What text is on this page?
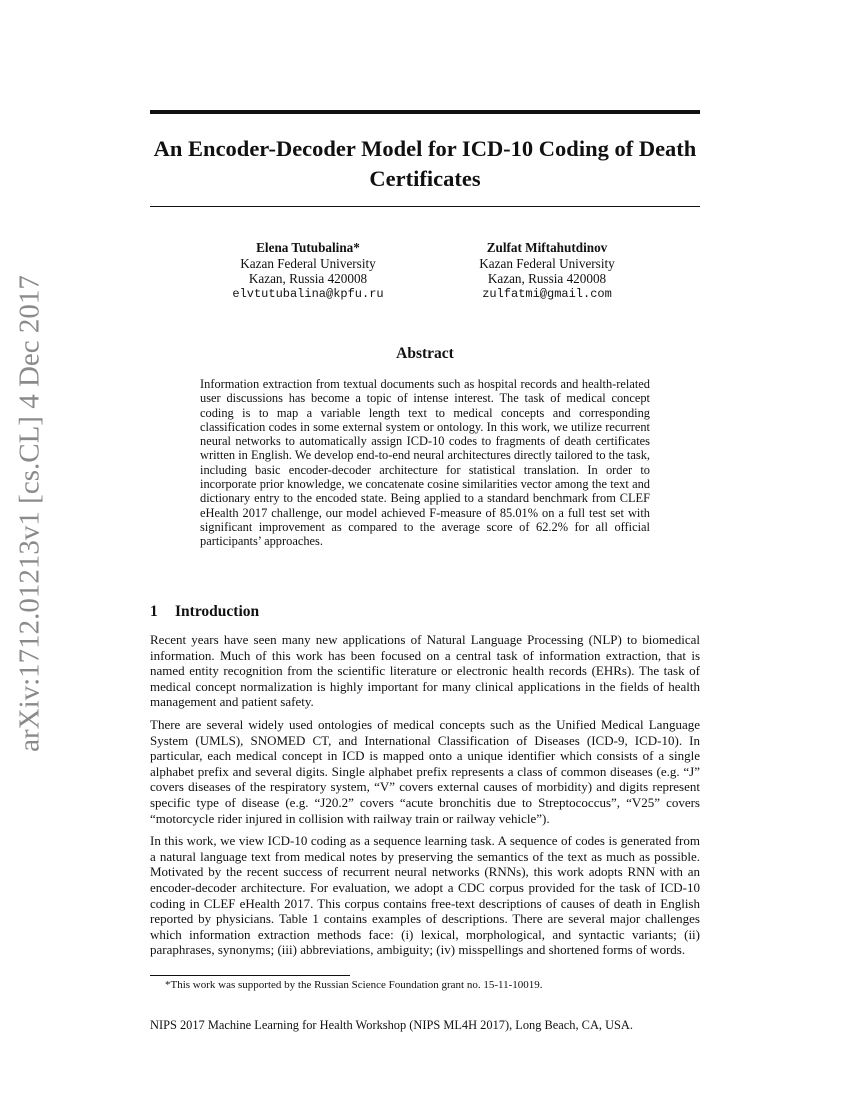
arXiv:1712.01213v1 [cs.CL] 4 Dec 2017
An Encoder-Decoder Model for ICD-10 Coding of Death Certificates
Elena Tutubalina*
Kazan Federal University
Kazan, Russia 420008
elvtutubalina@kpfu.ru
Zulfat Miftahutdinov
Kazan Federal University
Kazan, Russia 420008
zulfatmi@gmail.com
Abstract
Information extraction from textual documents such as hospital records and health-related user discussions has become a topic of intense interest. The task of medical concept coding is to map a variable length text to medical concepts and corresponding classification codes in some external system or ontology. In this work, we utilize recurrent neural networks to automatically assign ICD-10 codes to fragments of death certificates written in English. We develop end-to-end neural architectures directly tailored to the task, including basic encoder-decoder architecture for statistical translation. In order to incorporate prior knowledge, we concatenate cosine similarities vector among the text and dictionary entry to the encoded state. Being applied to a standard benchmark from CLEF eHealth 2017 challenge, our model achieved F-measure of 85.01% on a full test set with significant improvement as compared to the average score of 62.2% for all official participants’ approaches.
1 Introduction

Recent years have seen many new applications of Natural Language Processing (NLP) to biomedical information. Much of this work has been focused on a central task of information extraction, that is named entity recognition from the scientific literature or electronic health records (EHRs). The task of medical concept normalization is highly important for many clinical applications in the fields of health management and patient safety.

There are several widely used ontologies of medical concepts such as the Unified Medical Language System (UMLS), SNOMED CT, and International Classification of Diseases (ICD-9, ICD-10). In particular, each medical concept in ICD is mapped onto a unique identifier which consists of a single alphabet prefix and several digits. Single alphabet prefix represents a class of common diseases (e.g. “J” covers diseases of the respiratory system, “V” covers external causes of morbidity) and digits represent specific type of disease (e.g. “J20.2” covers “acute bronchitis due to Streptococcus”, “V25” covers “motorcycle rider injured in collision with railway train or railway vehicle”).

In this work, we view ICD-10 coding as a sequence learning task. A sequence of codes is generated from a natural language text from medical notes by preserving the semantics of the text as much as possible. Motivated by the recent success of recurrent neural networks (RNNs), this work adopts RNN with an encoder-decoder architecture. For evaluation, we adopt a CDC corpus provided for the task of ICD-10 coding in CLEF eHealth 2017. This corpus contains free-text descriptions of causes of death in English reported by physicians. Table 1 contains examples of descriptions. There are several major challenges which information extraction methods face: (i) lexical, morphological, and syntactic variants; (ii) paraphrases, synonyms; (iii) abbreviations, ambiguity; (iv) misspellings and shortened forms of words.

*This work was supported by the Russian Science Foundation grant no. 15-11-10019.
NIPS 2017 Machine Learning for Health Workshop (NIPS ML4H 2017), Long Beach, CA, USA.
